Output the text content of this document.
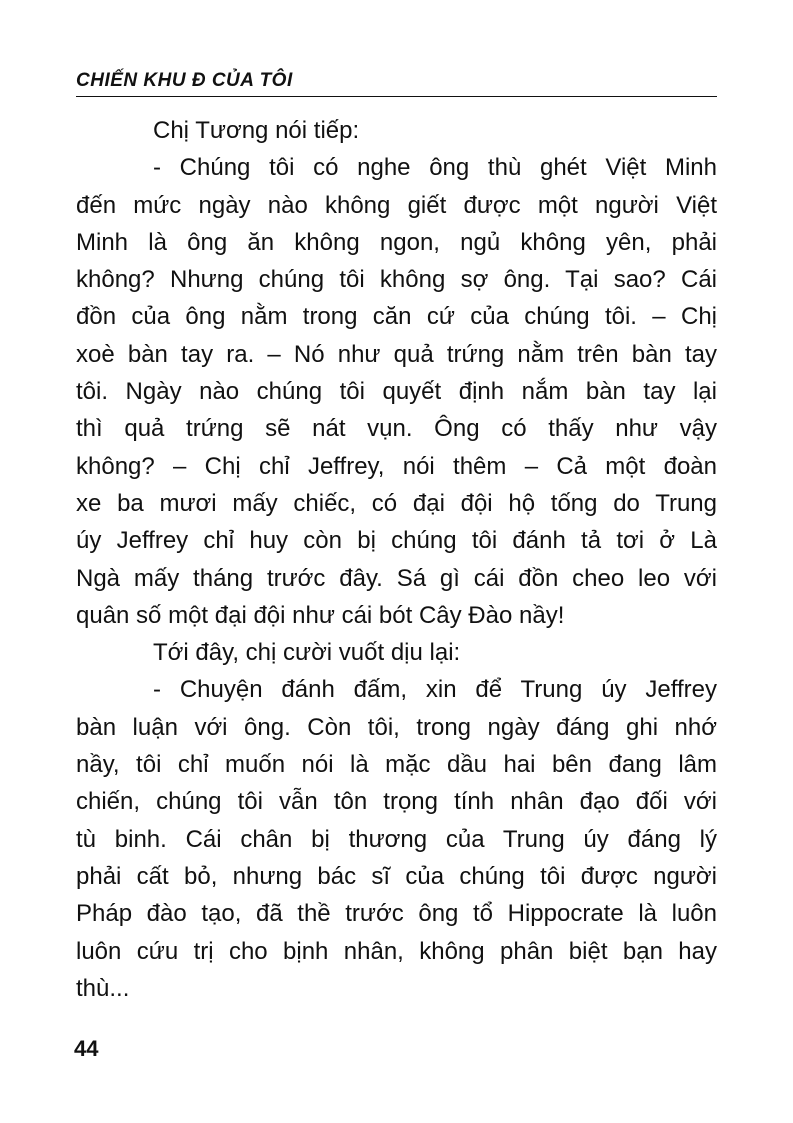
CHIẾN KHU Đ CỦA TÔI
Chị Tương nói tiếp:
- Chúng tôi có nghe ông thù ghét Việt Minh
đến mức ngày nào không giết được một người Việt
Minh là ông ăn không ngon, ngủ không yên, phải
không? Nhưng chúng tôi không sợ ông. Tại sao? Cái
đồn của ông nằm trong căn cứ của chúng tôi. – Chị
xoè bàn tay ra. – Nó như quả trứng nằm trên bàn tay
tôi. Ngày nào chúng tôi quyết định nắm bàn tay lại
thì quả trứng sẽ nát vụn. Ông có thấy như vậy
không? – Chị chỉ Jeffrey, nói thêm – Cả một đoàn
xe ba mươi mấy chiếc, có đại đội hộ tống do Trung
úy Jeffrey chỉ huy còn bị chúng tôi đánh tả tơi ở Là
Ngà mấy tháng trước đây. Sá gì cái đồn cheo leo với
quân số một đại đội như cái bót Cây Đào nầy!
Tới đây, chị cười vuốt dịu lại:
- Chuyện đánh đấm, xin để Trung úy Jeffrey
bàn luận với ông. Còn tôi, trong ngày đáng ghi nhớ
nầy, tôi chỉ muốn nói là mặc dầu hai bên đang lâm
chiến, chúng tôi vẫn tôn trọng tính nhân đạo đối với
tù binh. Cái chân bị thương của Trung úy đáng lý
phải cất bỏ, nhưng bác sĩ của chúng tôi được người
Pháp đào tạo, đã thề trước ông tổ Hippocrate là luôn
luôn cứu trị cho bịnh nhân, không phân biệt bạn hay
thù...
44
